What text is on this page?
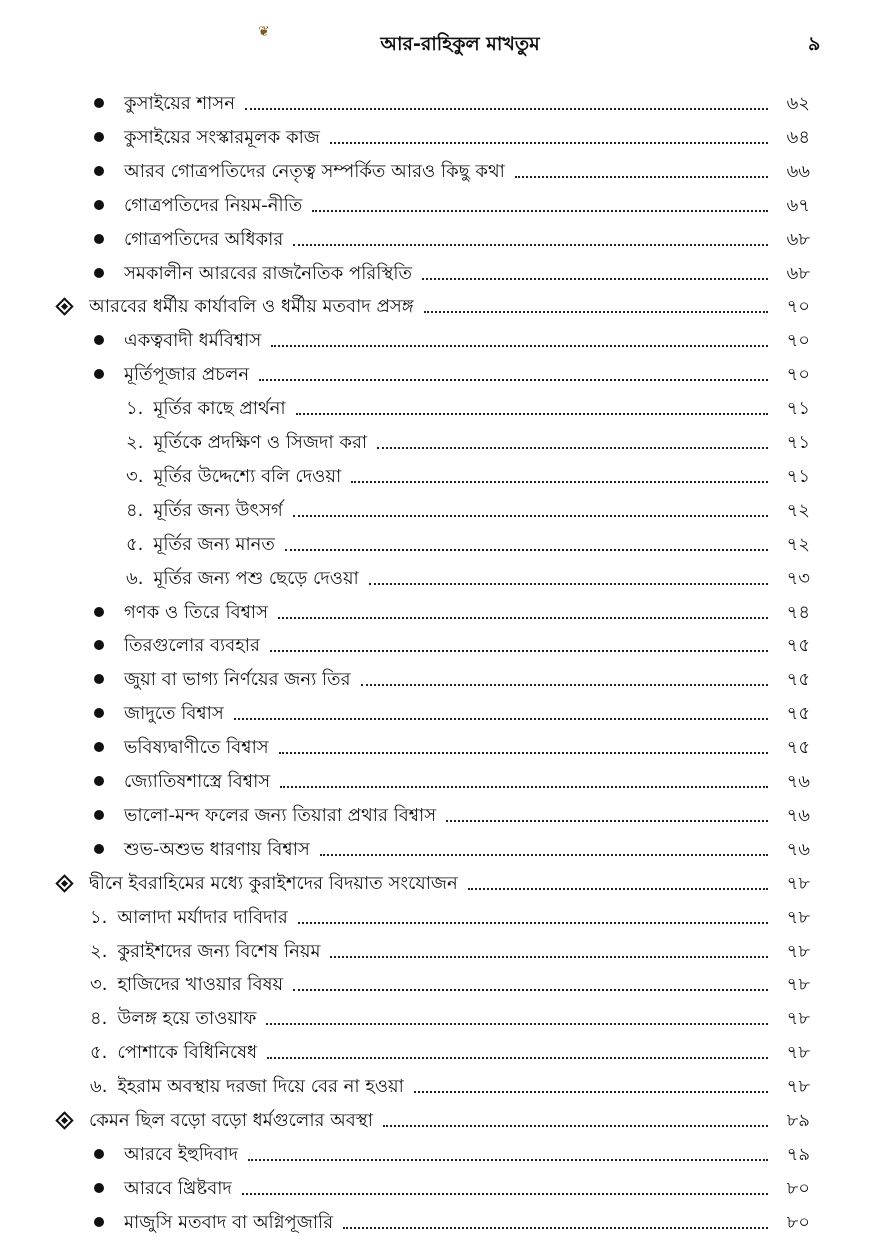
❦
আর-রাহিকুল মাখতুম	৯
কুসাইয়ের শাসন	৬২
কুসাইয়ের সংস্কারমূলক কাজ	৬৪
আরব গোত্রপতিদের নেতৃত্ব সম্পর্কিত আরও কিছু কথা	৬৬
গোত্রপতিদের নিয়ম-নীতি	৬৭
গোত্রপতিদের অধিকার	৬৮
সমকালীন আরবের রাজনৈতিক পরিস্থিতি	৬৮
আরবের ধর্মীয় কার্যাবলি ও ধর্মীয় মতবাদ প্রসঙ্গ	৭০
একত্ববাদী ধর্মবিশ্বাস	৭০
মূর্তিপূজার প্রচলন	৭০
১. মূর্তির কাছে প্রার্থনা	৭১
২. মূর্তিকে প্রদক্ষিণ ও সিজদা করা	৭১
৩. মূর্তির উদ্দেশ্যে বলি দেওয়া	৭১
৪. মূর্তির জন্য উৎসর্গ	৭২
৫. মূর্তির জন্য মানত	৭২
৬. মূর্তির জন্য পশু ছেড়ে দেওয়া	৭৩
গণক ও তিরে বিশ্বাস	৭৪
তিরগুলোর ব্যবহার	৭৫
জুয়া বা ভাগ্য নির্ণয়ের জন্য তির	৭৫
জাদুতে বিশ্বাস	৭৫
ভবিষ্যদ্বাণীতে বিশ্বাস	৭৫
জ্যোতিষশাস্ত্রে বিশ্বাস	৭৬
ভালো-মন্দ ফলের জন্য তিয়ারা প্রথার বিশ্বাস	৭৬
শুভ-অশুভ ধারণায় বিশ্বাস	৭৬
দ্বীনে ইবরাহিমের মধ্যে কুরাইশদের বিদয়াত সংযোজন	৭৮
১. আলাদা মর্যাদার দাবিদার	৭৮
২. কুরাইশদের জন্য বিশেষ নিয়ম	৭৮
৩. হাজিদের খাওয়ার বিষয়	৭৮
৪. উলঙ্গ হয়ে তাওয়াফ	৭৮
৫. পোশাকে বিধিনিষেধ	৭৮
৬. ইহরাম অবস্থায় দরজা দিয়ে বের না হওয়া	৭৮
কেমন ছিল বড়ো বড়ো ধর্মগুলোর অবস্থা	৮৯
আরবে ইহুদিবাদ	৭৯
আরবে খ্রিষ্টবাদ	৮০
মাজুসি মতবাদ বা অগ্নিপূজারি	৮০
